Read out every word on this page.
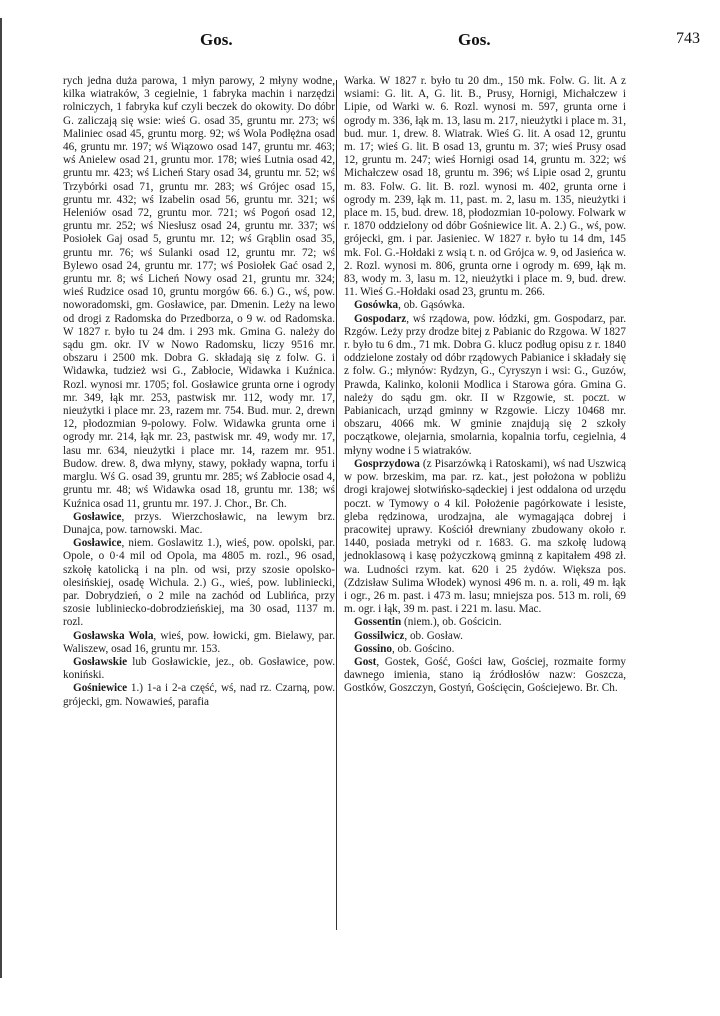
Gos.	Gos.	743

rych jedna duża parowa, 1 młyn parowy, 2 młyny wodne, kilka wiatraków, 3 cegielnie, 1 fabryka machin i narzędzi rolniczych, 1 fabryka kuf czyli beczek do okowity. Do dóbr G. zaliczają się wsie: wieś G. osad 35, gruntu mr. 273; wś Maliniec osad 45, gruntu morg. 92; wś Wola Podłężna osad 46, gruntu mr. 197; wś Wiązowo osad 147, gruntu mr. 463; wś Anielew osad 21, gruntu mor. 178; wieś Lutnia osad 42, gruntu mr. 423; wś Licheń Stary osad 34, gruntu mr. 52; wś Trzybórki osad 71, gruntu mr. 283; wś Grójec osad 15, gruntu mr. 432; wś Izabelin osad 56, gruntu mr. 321; wś Heleniów osad 72, gruntu mor. 721; wś Pogoń osad 12, gruntu mr. 252; wś Niesłusz osad 24, gruntu mr. 337; wś Posiołek Gaj osad 5, gruntu mr. 12; wś Grąblin osad 35, gruntu mr. 76; wś Sulanki osad 12, gruntu mr. 72; wś Bylewo osad 24, gruntu mr. 177; wś Posiołek Gać osad 2, gruntu mr. 8; wś Licheń Nowy osad 21, gruntu mr. 324; wieś Rudzice osad 10, gruntu morgów 66. 6.) G., wś, pow. noworadomski, gm. Gosławice, par. Dmenin. Leży na lewo od drogi z Radomska do Przedborza, o 9 w. od Radomska. W 1827 r. było tu 24 dm. i 293 mk. Gmina G. należy do sądu gm. okr. IV w Nowo Radomsku, liczy 9516 mr. obszaru i 2500 mk. Dobra G. składają się z folw. G. i Widawka, tudzież wsi G., Zabłocie, Widawka i Kuźnica. Rozl. wynosi mr. 1705; fol. Gosławice grunta orne i ogrody mr. 349, łąk mr. 253, pastwisk mr. 112, wody mr. 17, nieużytki i place mr. 23, razem mr. 754. Bud. mur. 2, drewn 12, płodozmian 9-polowy. Folw. Widawka grunta orne i ogrody mr. 214, łąk mr. 23, pastwisk mr. 49, wody mr. 17, lasu mr. 634, nieużytki i place mr. 14, razem mr. 951. Budow. drew. 8, dwa młyny, stawy, pokłady wapna, torfu i marglu. Wś G. osad 39, gruntu mr. 285; wś Zabłocie osad 4, gruntu mr. 48; wś Widawka osad 18, gruntu mr. 138; wś Kuźnica osad 11, gruntu mr. 197. J. Chor., Br. Ch.

Gosławice, przys. Wierzchosławic, na lewym brz. Dunajca, pow. tarnowski. Mac.

Gosławice, niem. Goslawitz 1.), wieś, pow. opolski, par. Opole, o 0·4 mil od Opola, ma 4805 m. rozl., 96 osad, szkołę katolicką i na pln. od wsi, przy szosie opolsko-olesińskiej, osadę Wichula. 2.) G., wieś, pow. lubliniecki, par. Dobrydzień, o 2 mile na zachód od Lublińca, przy szosie lubliniecko-dobrodzieńskiej, ma 30 osad, 1137 m. rozl.

Gosławska Wola, wieś, pow. łowicki, gm. Bielawy, par. Waliszew, osad 16, gruntu mr. 153.

Gosławskie lub Gosławickie, jez., ob. Gosławice, pow. koniński.

Gośniewice 1.) 1-a i 2-a część, wś, nad rz. Czarną, pow. grójecki, gm. Nowawieś, parafia

Warka. W 1827 r. było tu 20 dm., 150 mk. Folw. G. lit. A z wsiami: G. lit. A, G. lit. B., Prusy, Hornigi, Michałczew i Lipie, od Warki w. 6. Rozl. wynosi m. 597, grunta orne i ogrody m. 336, łąk m. 13, lasu m. 217, nieużytki i place m. 31, bud. mur. 1, drew. 8. Wiatrak. Wieś G. lit. A osad 12, gruntu m. 17; wieś G. lit. B osad 13, gruntu m. 37; wieś Prusy osad 12, gruntu m. 247; wieś Hornigi osad 14, gruntu m. 322; wś Michałczew osad 18, gruntu m. 396; wś Lipie osad 2, gruntu m. 83. Folw. G. lit. B. rozl. wynosi m. 402, grunta orne i ogrody m. 239, łąk m. 11, past. m. 2, lasu m. 135, nieużytki i place m. 15, bud. drew. 18, płodozmian 10-polowy. Folwark w r. 1870 oddzielony od dóbr Gośniewice lit. A. 2.) G., wś, pow. grójecki, gm. i par. Jasieniec. W 1827 r. było tu 14 dm, 145 mk. Fol. G.-Hołdaki z wsią t. n. od Grójca w. 9, od Jasieńca w. 2. Rozl. wynosi m. 806, grunta orne i ogrody m. 699, łąk m. 83, wody m. 3, lasu m. 12, nieużytki i place m. 9, bud. drew. 11. Wieś G.-Hołdaki osad 23, gruntu m. 266.

Gosówka, ob. Gąsówka.

Gospodarz, wś rządowa, pow. łódzki, gm. Gospodarz, par. Rzgów. Leży przy drodze bitej z Pabianic do Rzgowa. W 1827 r. było tu 6 dm., 71 mk. Dobra G. klucz podług opisu z r. 1840 oddzielone zostały od dóbr rządowych Pabianice i składały się z folw. G.; młynów: Rydzyn, G., Cyryszyn i wsi: G., Guzów, Prawda, Kalinko, kolonii Modlica i Starowa góra. Gmina G. należy do sądu gm. okr. II w Rzgowie, st. poczt. w Pabianicach, urząd gminny w Rzgowie. Liczy 10468 mr. obszaru, 4066 mk. W gminie znajdują się 2 szkoły początkowe, olejarnia, smolarnia, kopalnia torfu, cegielnia, 4 młyny wodne i 5 wiatraków.

Gosprzydowa (z Pisarzówką i Ratoskami), wś nad Uszwicą w pow. brzeskim, ma par. rz. kat., jest położona w pobliżu drogi krajowej słotwińsko-sądeckiej i jest oddalona od urzędu poczt. w Tymowy o 4 kil. Położenie pagórkowate i lesiste, gleba rędzinowa, urodzajna, ale wymagająca dobrej i pracowitej uprawy. Kościół drewniany zbudowany około r. 1440, posiada metryki od r. 1683. G. ma szkołę ludową jednoklasową i kasę pożyczkową gminną z kapitałem 498 zł. wa. Ludności rzym. kat. 620 i 25 żydów. Większa pos. (Zdzisław Sulima Włodek) wynosi 496 m. n. a. roli, 49 m. łąk i ogr., 26 m. past. i 473 m. lasu; mniejsza pos. 513 m. roli, 69 m. ogr. i łąk, 39 m. past. i 221 m. lasu. Mac.

Gossentin (niem.), ob. Gościcin.

Gossilwicz, ob. Gosław.

Gossino, ob. Gościno.

Gost, Gostek, Gość, Gości ław, Gościej, rozmaite formy dawnego imienia, stano ią źródłosłów nazw: Goszcza, Gostków, Goszczyn, Gostyń, Gościęcin, Gościejewo. Br. Ch.
